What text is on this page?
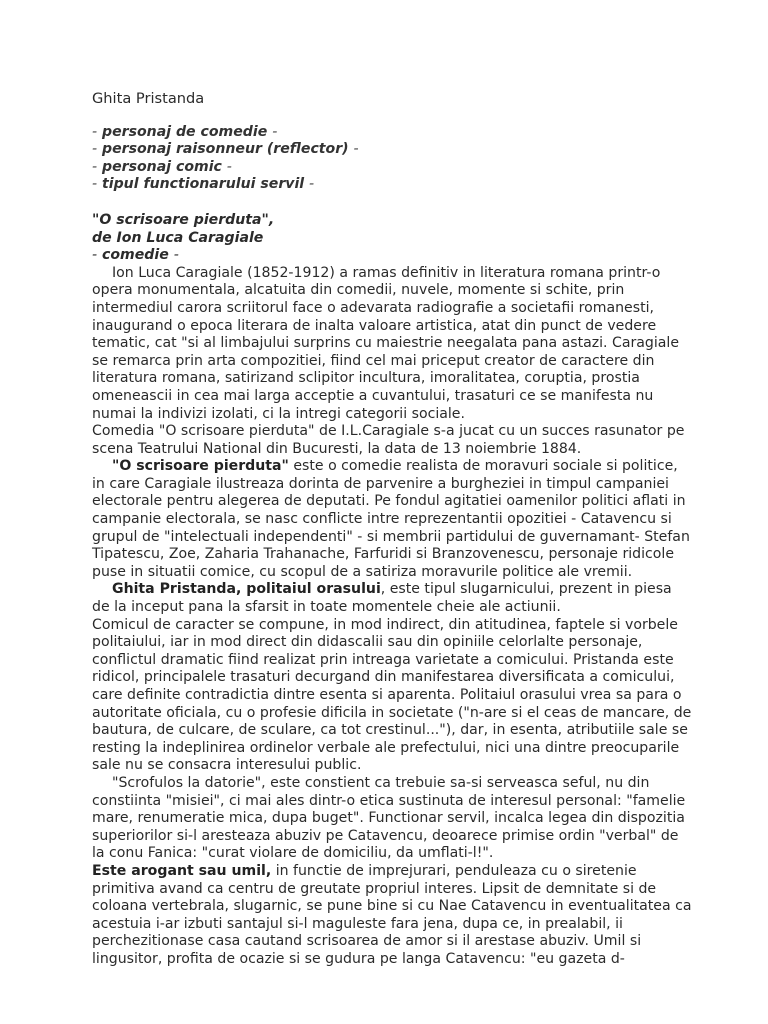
Ghita Pristanda
- personaj de comedie -
- personaj raisonneur (reflector) -
- personaj comic -
- tipul functionarului servil -
"O scrisoare pierduta",
de Ion Luca Caragiale
- comedie -

Ion Luca Caragiale (1852-1912) a ramas definitiv in literatura romana printr-o opera monumentala, alcatuita din comedii, nuvele, momente si schite, prin intermediul carora scriitorul face o adevarata radiografie a societafii romanesti, inaugurand o epoca literara de inalta valoare artistica, atat din punct de vedere tematic, cat "si al limbajului surprins cu maiestrie neegalata pana astazi. Caragiale se remarca prin arta compozitiei, fiind cel mai priceput creator de caractere din literatura romana, satirizand sclipitor incultura, imoralitatea, coruptia, prostia omeneascii in cea mai larga acceptie a cuvantului, trasaturi ce se manifesta nu numai la indivizi izolati, ci la intregi categorii sociale.

Comedia "O scrisoare pierduta" de I.L.Caragiale s-a jucat cu un succes rasunator pe scena Teatrului National din Bucuresti, la data de 13 noiembrie 1884.

"O scrisoare pierduta" este o comedie realista de moravuri sociale si politice, in care Caragiale ilustreaza dorinta de parvenire a burgheziei in timpul campaniei electorale pentru alegerea de deputati. Pe fondul agitatiei oamenilor politici aflati in campanie electorala, se nasc conflicte intre reprezentantii opozitiei - Catavencu si grupul de "intelectuali independenti" - si membrii partidului de guvernamant- Stefan Tipatescu, Zoe, Zaharia Trahanache, Farfuridi si Branzovenescu, personaje ridicole puse in situatii comice, cu scopul de a satiriza moravurile politice ale vremii.

Ghita Pristanda, politaiul orasului, este tipul slugarnicului, prezent in piesa de la inceput pana la sfarsit in toate momentele cheie ale actiunii.

Comicul de caracter se compune, in mod indirect, din atitudinea, faptele si vorbele politaiului, iar in mod direct din didascalii sau din opiniile celorlalte personaje, conflictul dramatic fiind realizat prin intreaga varietate a comicului. Pristanda este ridicol, principalele trasaturi decurgand din manifestarea diversificata a comicului, care definite contradictia dintre esenta si aparenta. Politaiul orasului vrea sa para o autoritate oficiala, cu o profesie dificila in societate ("n-are si el ceas de mancare, de bautura, de culcare, de sculare, ca tot crestinul..."), dar, in esenta, atributiile sale se resting la indeplinirea ordinelor verbale ale prefectului, nici una dintre preocuparile sale nu se consacra interesului public.

"Scrofulos la datorie", este constient ca trebuie sa-si serveasca seful, nu din constiinta "misiei", ci mai ales dintr-o etica sustinuta de interesul personal: "famelie mare, renumeratie mica, dupa buget". Functionar servil, incalca legea din dispozitia superiorilor si-l aresteaza abuziv pe Catavencu, deoarece primise ordin "verbal" de la conu Fanica: "curat violare de domiciliu, da umflati-l!".

Este arogant sau umil, in functie de imprejurari, penduleaza cu o siretenie primitiva avand ca centru de greutate propriul interes. Lipsit de demnitate si de coloana vertebrala, slugarnic, se pune bine si cu Nae Catavencu in eventualitatea ca acestuia i-ar izbuti santajul si-l maguleste fara jena, dupa ce, in prealabil, ii perchezitionase casa cautand scrisoarea de amor si il arestase abuziv. Umil si lingusitor, profita de ocazie si se gudura pe langa Catavencu: "eu gazeta d-
